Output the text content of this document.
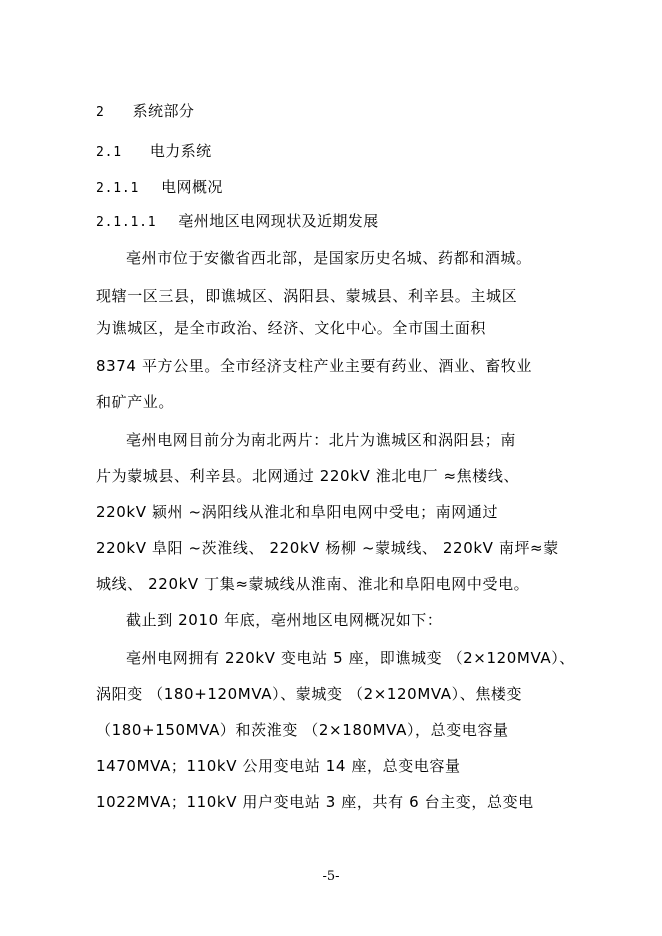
2 系统部分
2.1 电力系统
2.1.1 电网概况
2.1.1.1 亳州地区电网现状及近期发展
亳州市位于安徽省西北部，是国家历史名城、药都和酒城。
现辖一区三县，即谯城区、涡阳县、蒙城县、利辛县。主城区
为谯城区，是全市政治、经济、文化中心。全市国土面积
8374 平方公里。全市经济支柱产业主要有药业、酒业、畜牧业
和矿产业。
亳州电网目前分为南北两片：北片为谯城区和涡阳县；南
片为蒙城县、利辛县。北网通过 220kV 淮北电厂 ≈焦楼线、
220kV 颍州 ~涡阳线从淮北和阜阳电网中受电；南网通过
220kV 阜阳 ~茨淮线、 220kV 杨柳 ~蒙城线、 220kV 南坪≈蒙
城线、 220kV 丁集≈蒙城线从淮南、淮北和阜阳电网中受电。
截止到 2010 年底，亳州地区电网概况如下：
亳州电网拥有 220kV 变电站 5 座，即谯城变 （2×120MVA）、
涡阳变 （180+120MVA）、蒙城变 （2×120MVA）、焦楼变
（180+150MVA）和茨淮变 （2×180MVA），总变电容量
1470MVA；110kV 公用变电站 14 座，总变电容量
1022MVA；110kV 用户变电站 3 座，共有 6 台主变，总变电
-5-
